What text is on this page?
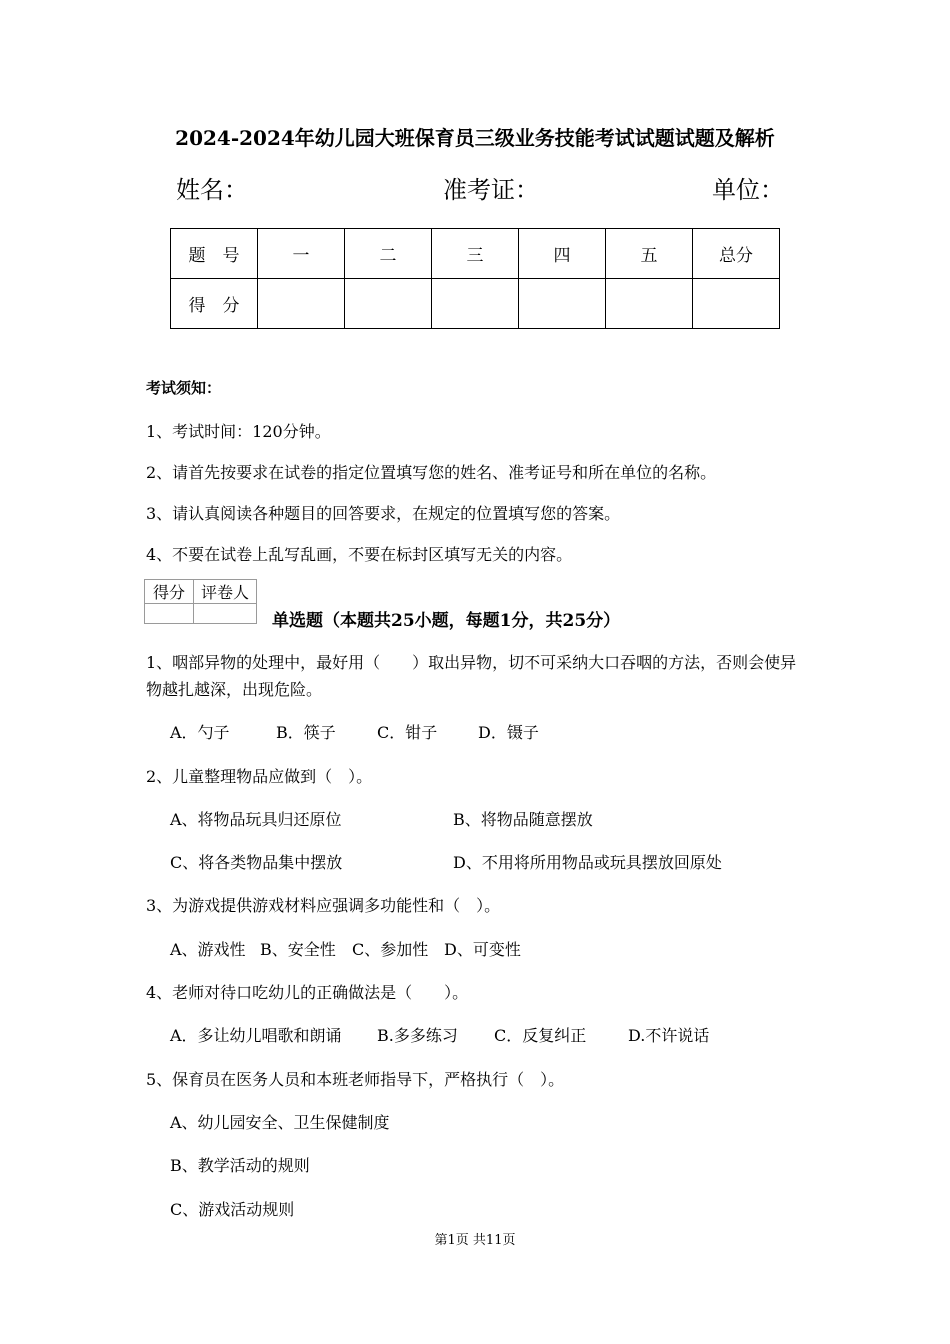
2024-2024年幼儿园大班保育员三级业务技能考试试题试题及解析
姓名：	准考证：	单位：
题　号	一	二	三	四	五	总分
得　分						
考试须知：
1、考试时间：120分钟。
2、请首先按要求在试卷的指定位置填写您的姓名、准考证号和所在单位的名称。
3、请认真阅读各种题目的回答要求，在规定的位置填写您的答案。
4、不要在试卷上乱写乱画，不要在标封区填写无关的内容。
得分	评卷人

单选题（本题共25小题，每题1分，共25分）
1、咽部异物的处理中，最好用（　　）取出异物，切不可采纳大口吞咽的方法，否则会使异
物越扎越深，出现危险。
A．勺子	B．筷子	C．钳子	D．镊子
2、儿童整理物品应做到（　）。
A、将物品玩具归还原位	B、将物品随意摆放
C、将各类物品集中摆放	D、不用将所用物品或玩具摆放回原处
3、为游戏提供游戏材料应强调多功能性和（　）。
A、游戏性 B、安全性 C、参加性 D、可变性
4、老师对待口吃幼儿的正确做法是（　　）。
A．多让幼儿唱歌和朗诵 B.多多练习 C．反复纠正	D.不许说话
5、保育员在医务人员和本班老师指导下，严格执行（　）。
A、幼儿园安全、卫生保健制度
B、教学活动的规则
C、游戏活动规则
第1页 共11页
